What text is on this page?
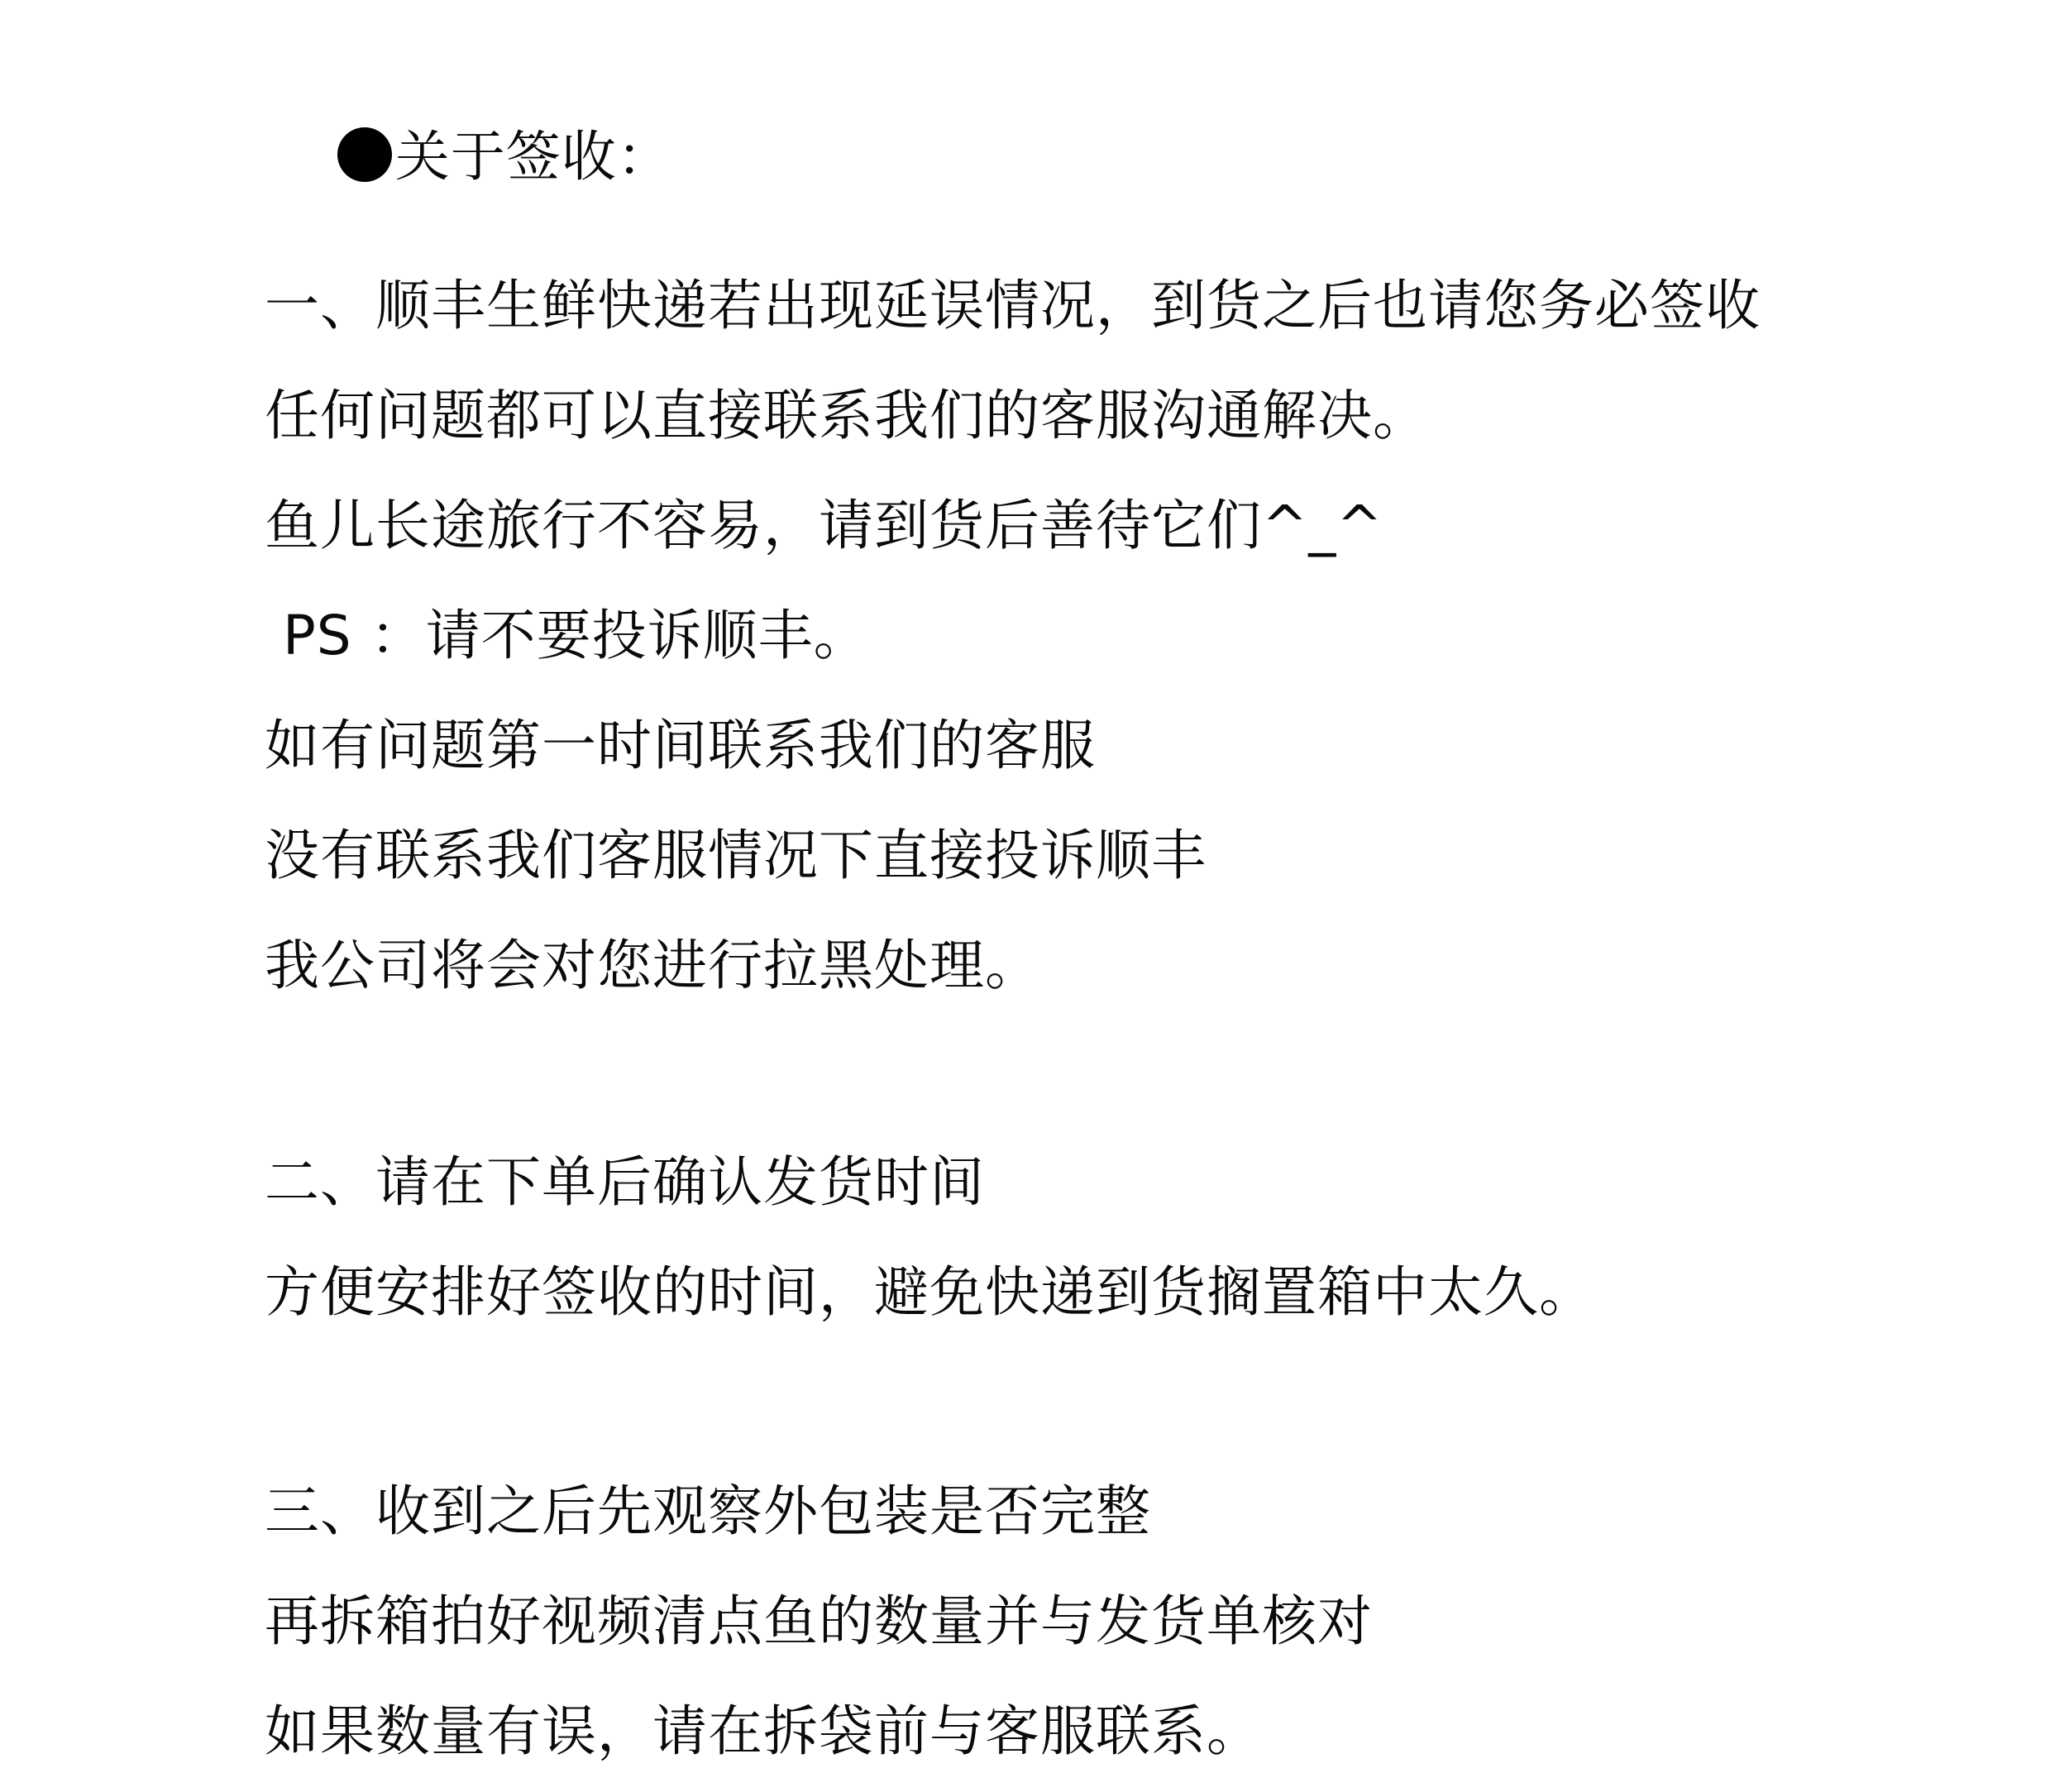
关于签收：

一、顺丰生鲜快递若出现延误情况，到货之后也请您务必签收
任何问题都可以直接联系我们的客服沟通解决。
鱼儿长途旅行不容易，请到货后善待它们^_^
PS ：请不要投诉顺丰。
如有问题第一时间联系我们的客服
没有联系我们客服情况下直接投诉顺丰
我公司将会对您进行拉黑处理。
二、请在下单后确认发货时间
方便安排好签收的时间，避免快递到货搁置箱中太久。
三、收到之后先观察外包装是否完整
再拆箱拍好视频清点鱼的数量并与发货单核对
如果数量有误，请在拆袋前与客服联系。
